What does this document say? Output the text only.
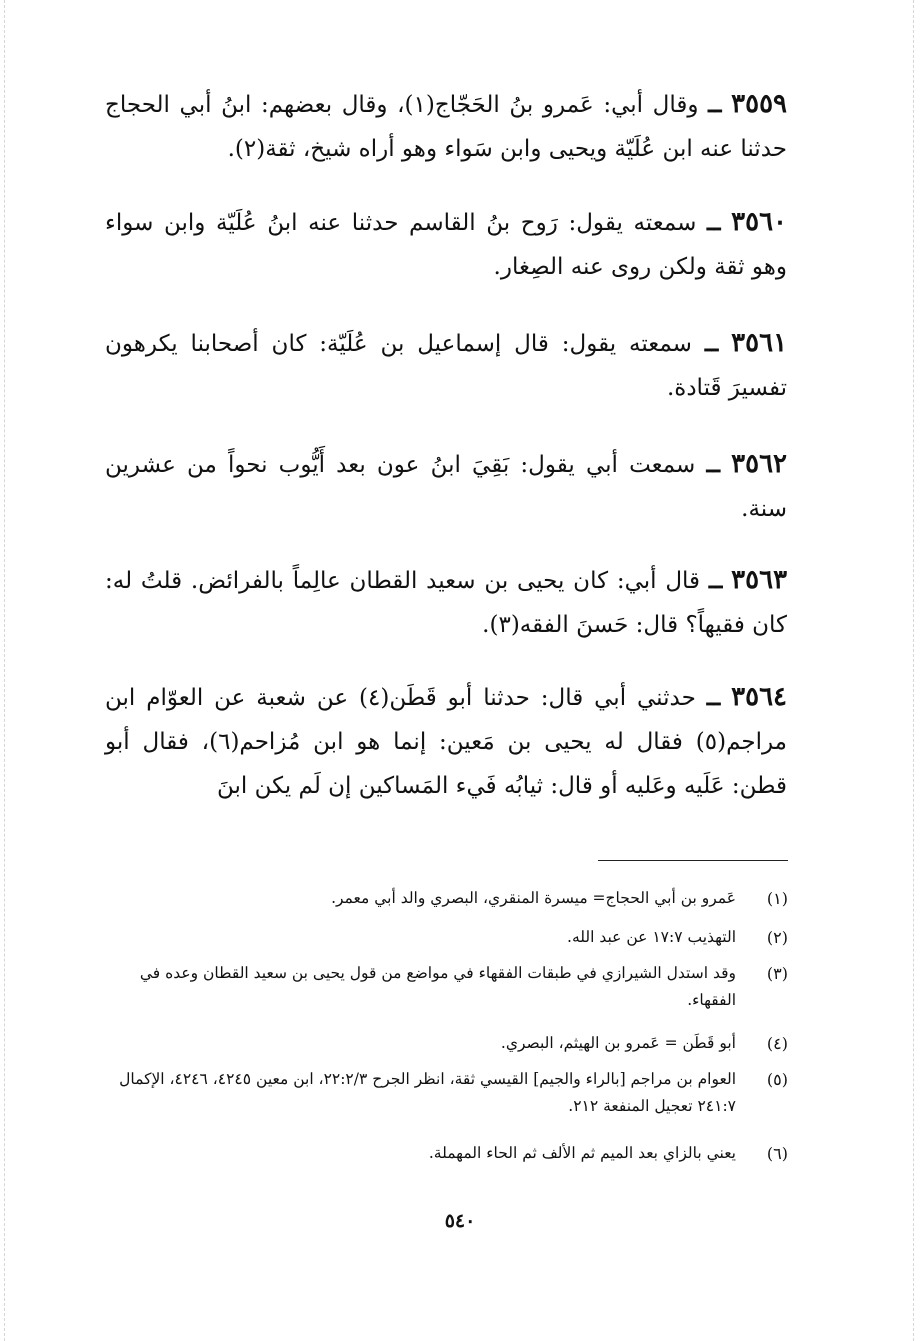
٣٥٥٩ ــ وقال أبي: عَمرو بنُ الحَجّاج(١)، وقال بعضهم: ابنُ أبي الحجاج حدثنا عنه ابن عُلَيّة ويحيى وابن سَواء وهو أراه شيخ، ثقة(٢).
٣٥٦٠ ــ سمعته يقول: رَوح بنُ القاسم حدثنا عنه ابنُ عُلَيّة وابن سواء وهو ثقة ولكن روى عنه الصِغار.
٣٥٦١ ــ سمعته يقول: قال إسماعيل بن عُلَيّة: كان أصحابنا يكرهون تفسيرَ قَتادة.
٣٥٦٢ ــ سمعت أبي يقول: بَقِيَ ابنُ عون بعد أَيُّوب نحواً من عشرين سنة.
٣٥٦٣ ــ قال أبي: كان يحيى بن سعيد القطان عالِماً بالفرائض. قلتُ له: كان فقيهاً؟ قال: حَسنَ الفقه(٣).
٣٥٦٤ ــ حدثني أبي قال: حدثنا أبو قَطَن(٤) عن شعبة عن العوّام ابن مراجم(٥) فقال له يحيى بن مَعين: إنما هو ابن مُزاحم(٦)، فقال أبو قطن: عَلَيه وعَليه أو قال: ثيابُه فَيء المَساكين إن لَم يكن ابنَ
(١)
عَمرو بن أبي الحجاج= ميسرة المنقري، البصري والد أبي معمر.
(٢)
التهذيب ١٧:٧ عن عبد الله.
(٣)
وقد استدل الشيرازي في طبقات الفقهاء في مواضع من قول يحيى بن سعيد القطان وعده في الفقهاء.
(٤)
أبو قَطَن = عَمرو بن الهيثم، البصري.
(٥)
العوام بن مراجم [بالراء والجيم] القيسي ثقة، انظر الجرح ٢٢:٢/٣، ابن معين ٤٢٤٥، ٤٢٤٦، الإكمال ٢٤١:٧ تعجيل المنفعة ٢١٢.
(٦)
يعني بالزاي بعد الميم ثم الألف ثم الحاء المهملة.
٥٤٠
